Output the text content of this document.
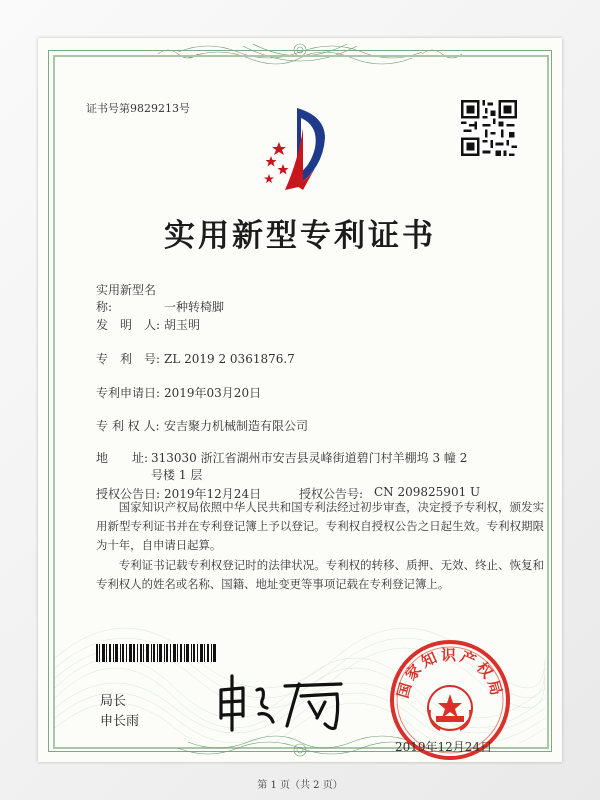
证书号第9829213号
实用新型专利证书
实用新型名称:	一种转椅脚
发　明　人: 胡玉明
专　利　号: ZL 2019 2 0361876.7
专利申请日: 2019年03月20日
专 利 权 人: 安吉聚力机械制造有限公司
地　　址: 313030 浙江省湖州市安吉县灵峰街道碧门村羊棚坞 3 幢 2
号楼 1 层
授权公告日: 2019年12月24日	授权公告号: CN 209825901 U
国家知识产权局依照中华人民共和国专利法经过初步审查，决定授予专利权，颁发实用新型专利证书并在专利登记簿上予以登记。专利权自授权公告之日起生效。专利权期限为十年，自申请日起算。
专利证书记载专利权登记时的法律状况。专利权的转移、质押、无效、终止、恢复和专利权人的姓名或名称、国籍、地址变更等事项记载在专利登记簿上。
局长
申长雨
国家知识产权局
2019年12月24日
第 1 页（共 2 页）
